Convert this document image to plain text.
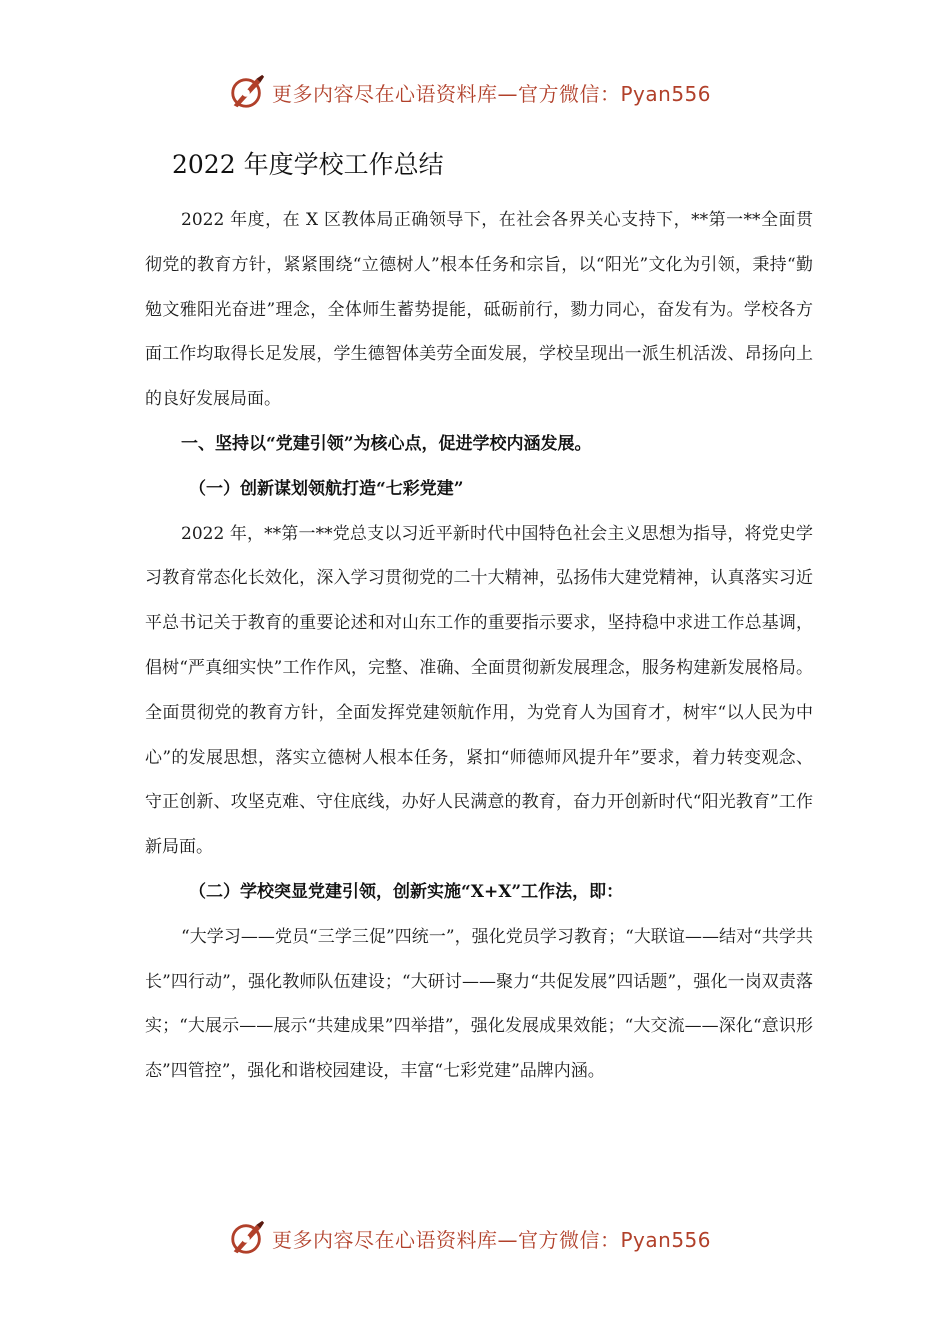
更多内容尽在心语资料库—官方微信：Pyan556
2022 年度学校工作总结

2022 年度，在 X 区教体局正确领导下，在社会各界关心支持下，**第一**全面贯彻党的教育方针，紧紧围绕“立德树人”根本任务和宗旨，以“阳光”文化为引领，秉持“勤勉文雅阳光奋进”理念，全体师生蓄势提能，砥砺前行，勠力同心，奋发有为。学校各方面工作均取得长足发展，学生德智体美劳全面发展，学校呈现出一派生机活泼、昂扬向上的良好发展局面。

一、坚持以“党建引领”为核心点，促进学校内涵发展。

（一）创新谋划领航打造“七彩党建”

2022 年，**第一**党总支以习近平新时代中国特色社会主义思想为指导，将党史学习教育常态化长效化，深入学习贯彻党的二十大精神，弘扬伟大建党精神，认真落实习近平总书记关于教育的重要论述和对山东工作的重要指示要求，坚持稳中求进工作总基调，倡树“严真细实快”工作作风，完整、准确、全面贯彻新发展理念，服务构建新发展格局。全面贯彻党的教育方针，全面发挥党建领航作用，为党育人为国育才，树牢“以人民为中心”的发展思想，落实立德树人根本任务，紧扣“师德师风提升年”要求，着力转变观念、守正创新、攻坚克难、守住底线，办好人民满意的教育，奋力开创新时代“阳光教育”工作新局面。

（二）学校突显党建引领，创新实施“X+X”工作法，即：

“大学习——党员“三学三促”四统一”，强化党员学习教育；“大联谊——结对“共学共长”四行动”，强化教师队伍建设；“大研讨——聚力“共促发展”四话题”，强化一岗双责落实；“大展示——展示“共建成果”四举措”，强化发展成果效能；“大交流——深化“意识形态”四管控”，强化和谐校园建设，丰富“七彩党建”品牌内涵。

更多内容尽在心语资料库—官方微信：Pyan556
